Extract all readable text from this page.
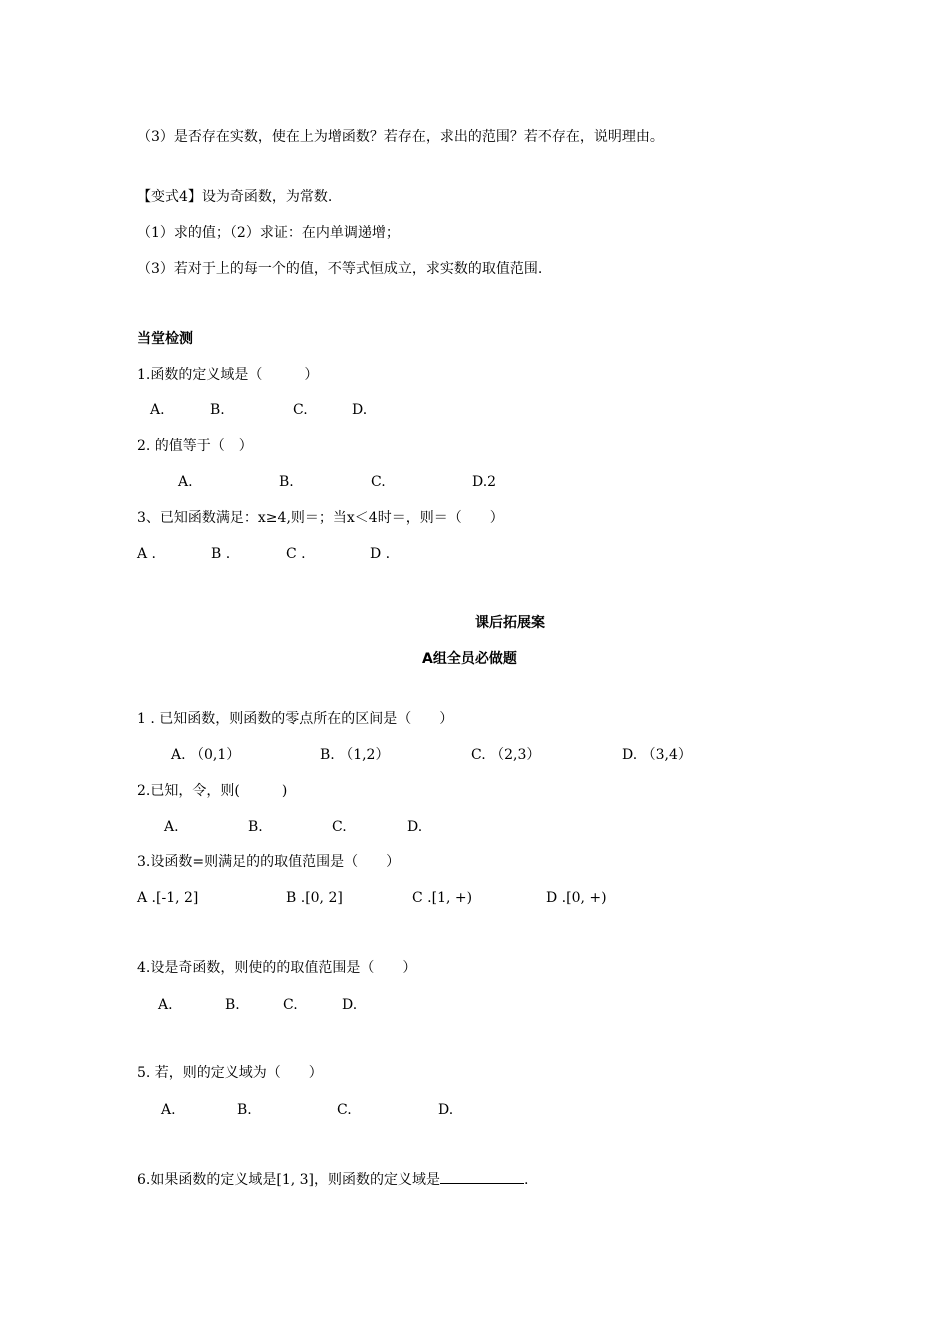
（3）是否存在实数，使在上为增函数？若存在，求出的范围？若不存在，说明理由。
【变式4】设为奇函数，为常数.
（1）求的值；（2）求证：在内单调递增；
（3）若对于上的每一个的值，不等式恒成立，求实数的取值范围.
当堂检测
1.函数的定义域是（　　　）
A.	B.	C.	D.
2. 的值等于（　）
A.	B.	C.	D.2
3、已知函数满足：x≥4,则＝；当x＜4时＝，则＝（　　）
A .	B .	C .	D .
课后拓展案
A组全员必做题
1 . 已知函数，则函数的零点所在的区间是（　　）
A. （0,1）	B. （1,2）	C. （2,3）	D. （3,4）
2.已知，令，则(　　　)
A.	B.	C.	D.
3.设函数=则满足的的取值范围是（　　）
A .[-1, 2]	B .[0, 2]	C .[1, +)	D .[0, +)
4.设是奇函数，则使的的取值范围是（　　）
A.	B.	C.	D.
5. 若，则的定义域为（　　）
A.	B.	C.	D.
6.如果函数的定义域是[1, 3]，则函数的定义域是	.
